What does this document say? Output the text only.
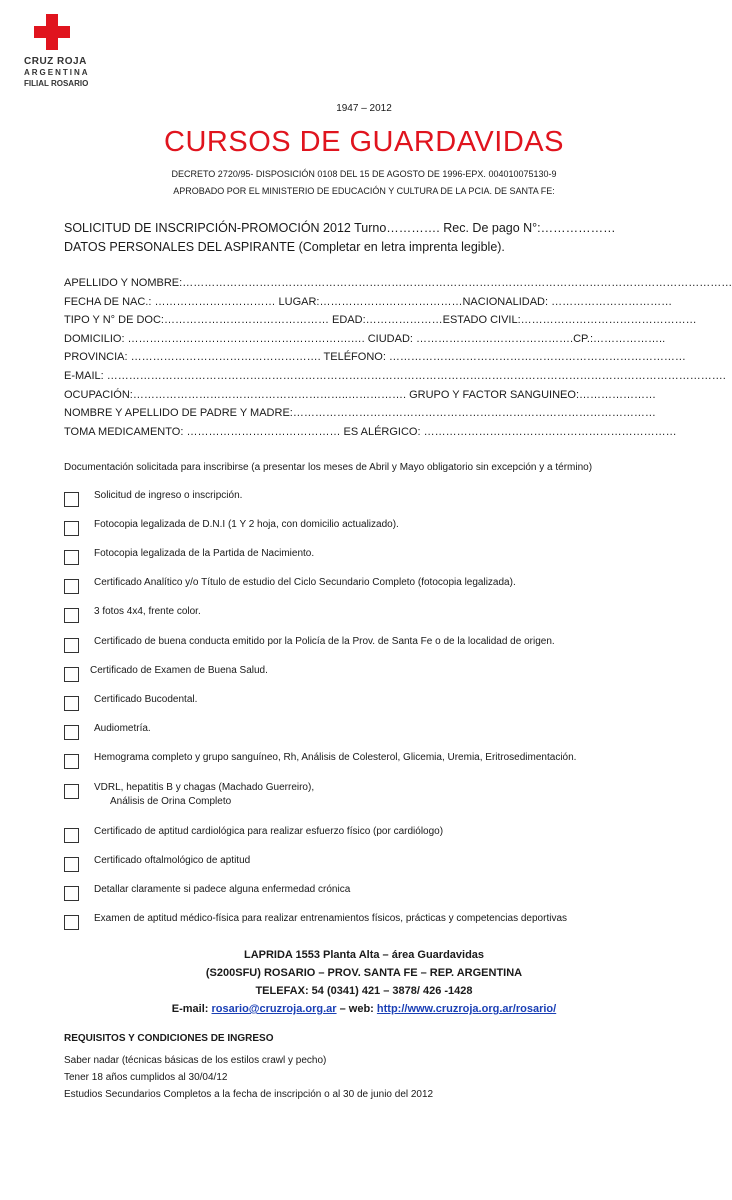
CRUZ ROJA
ARGENTINA
FILIAL ROSARIO
1947 – 2012
CURSOS DE GUARDAVIDAS
DECRETO 2720/95- DISPOSICIÓN 0108 DEL 15 DE AGOSTO DE 1996-EPX. 004010075130-9
APROBADO POR EL MINISTERIO DE EDUCACIÓN Y CULTURA DE LA PCIA. DE SANTA FE:
SOLICITUD DE INSCRIPCIÓN-PROMOCIÓN 2012 Turno…………. Rec. De pago N°:………………
DATOS PERSONALES DEL ASPIRANTE (Completar en letra imprenta legible).
APELLIDO Y NOMBRE:……………………………………………………………………………………………………………………………………
FECHA DE NAC.: …………………………… LUGAR:…………………………………NACIONALIDAD: ……………………………
TIPO Y N° DE DOC:……………………………………… EDAD:…………………ESTADO CIVIL:…………………………………………
DOMICILIO: …………………………………………………….…. CIUDAD: …………………………………….CP.:………………..
PROVINCIA: ……………………………………………. TELÉFONO: ………………………………………………………………………
E-MAIL: …………………………………………………………………………………………………………………………………………………….
OCUPACIÓN:…………………………………………………..……………. GRUPO Y FACTOR SANGUINEO:…………………
NOMBRE Y APELLIDO DE PADRE Y MADRE:………………………………………………………………………………………
TOMA MEDICAMENTO: …………………………………… ES ALÉRGICO: ……………………………………………………………
Documentación solicitada para inscribirse (a presentar los meses de Abril y Mayo obligatorio sin excepción y a término)
Solicitud de ingreso o inscripción.
Fotocopia legalizada de D.N.I (1 Y 2 hoja, con domicilio actualizado).
Fotocopia legalizada de la Partida de Nacimiento.
Certificado Analítico y/o Título de estudio del Ciclo Secundario Completo (fotocopia legalizada).
3 fotos 4x4, frente color.
Certificado de buena conducta emitido por la Policía de la Prov. de Santa Fe o de la localidad de origen.
Certificado de Examen de Buena Salud.
Certificado Bucodental.
Audiometría.
Hemograma completo y grupo sanguíneo, Rh, Análisis de Colesterol, Glicemia, Uremia, Eritrosedimentación.
VDRL, hepatitis B y chagas (Machado Guerreiro),
Análisis de Orina Completo
Certificado de aptitud cardiológica para realizar esfuerzo físico (por cardiólogo)
Certificado oftalmológico de aptitud
Detallar claramente si padece alguna enfermedad crónica
Examen de aptitud médico-física para realizar entrenamientos físicos, prácticas y competencias deportivas
LAPRIDA 1553 Planta Alta – área Guardavidas
(S200SFU) ROSARIO – PROV. SANTA FE – REP. ARGENTINA
TELEFAX: 54 (0341) 421 – 3878/ 426 -1428
E-mail: rosario@cruzroja.org.ar – web: http://www.cruzroja.org.ar/rosario/
REQUISITOS Y CONDICIONES DE INGRESO
Saber nadar (técnicas básicas de los estilos crawl y pecho)
Tener 18 años cumplidos al 30/04/12
Estudios Secundarios Completos a la fecha de inscripción o al 30 de junio del 2012
